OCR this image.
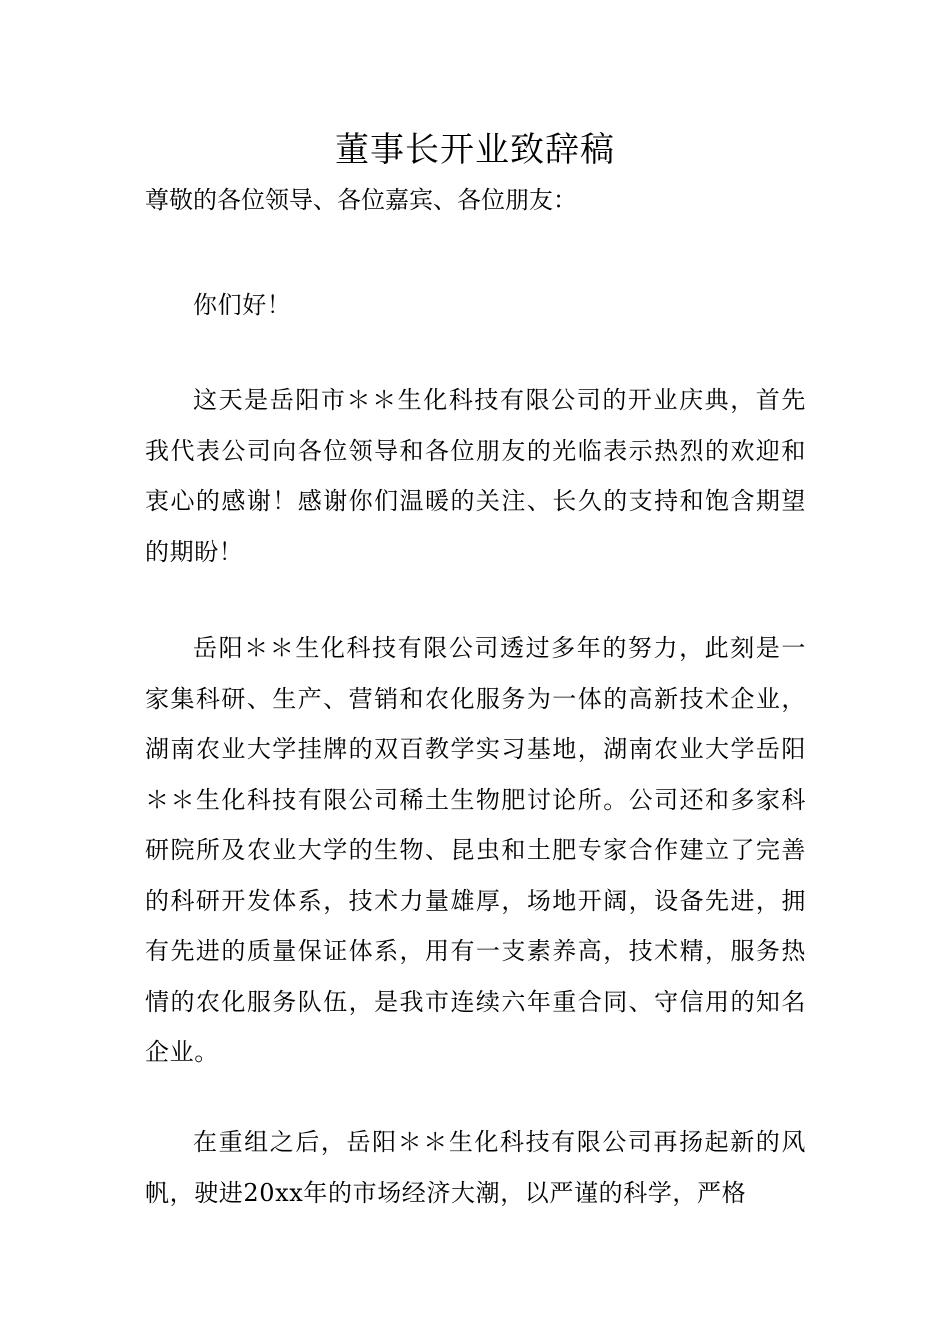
董事长开业致辞稿

尊敬的各位领导、各位嘉宾、各位朋友：

你们好！

这天是岳阳市＊＊生化科技有限公司的开业庆典，首先我代表公司向各位领导和各位朋友的光临表示热烈的欢迎和衷心的感谢！感谢你们温暖的关注、长久的支持和饱含期望的期盼！

岳阳＊＊生化科技有限公司透过多年的努力，此刻是一家集科研、生产、营销和农化服务为一体的高新技术企业，湖南农业大学挂牌的双百教学实习基地，湖南农业大学岳阳＊＊生化科技有限公司稀土生物肥讨论所。公司还和多家科研院所及农业大学的生物、昆虫和土肥专家合作建立了完善的科研开发体系，技术力量雄厚，场地开阔，设备先进，拥有先进的质量保证体系，用有一支素养高，技术精，服务热情的农化服务队伍，是我市连续六年重合同、守信用的知名企业。

在重组之后，岳阳＊＊生化科技有限公司再扬起新的风帆，驶进20xx年的市场经济大潮，以严谨的科学，严格
